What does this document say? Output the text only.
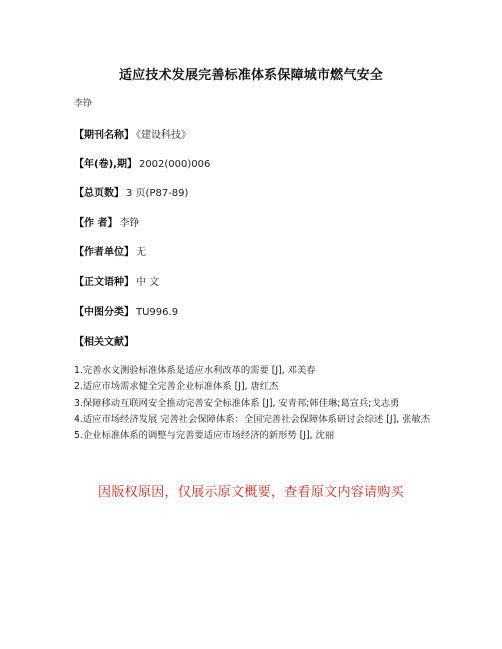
适应技术发展完善标准体系保障城市燃气安全
李铮
【期刊名称】 《建设科技》
【年(卷),期】 2002(000)006
【总页数】 3 页(P87-89)
【作 者】 李铮
【作者单位】 无
【正文语种】 中 文
【中图分类】 TU996.9
【相关文献】
1.完善水文测验标准体系是适应水利改革的需要 [J], 邓美春
2.适应市场需求健全完善企业标准体系 [J], 唐红杰
3.保障移动互联网安全推动完善安全标准体系 [J], 安青邦;韩佳琳;葛宣兵;戈志勇
4.适应市场经济发展 完善社会保障体系：全国完善社会保障体系研讨会综述 [J], 张敏杰
5.企业标准体系的调整与完善要适应市场经济的新形势 [J], 沈丽
因版权原因，仅展示原文概要，查看原文内容请购买
